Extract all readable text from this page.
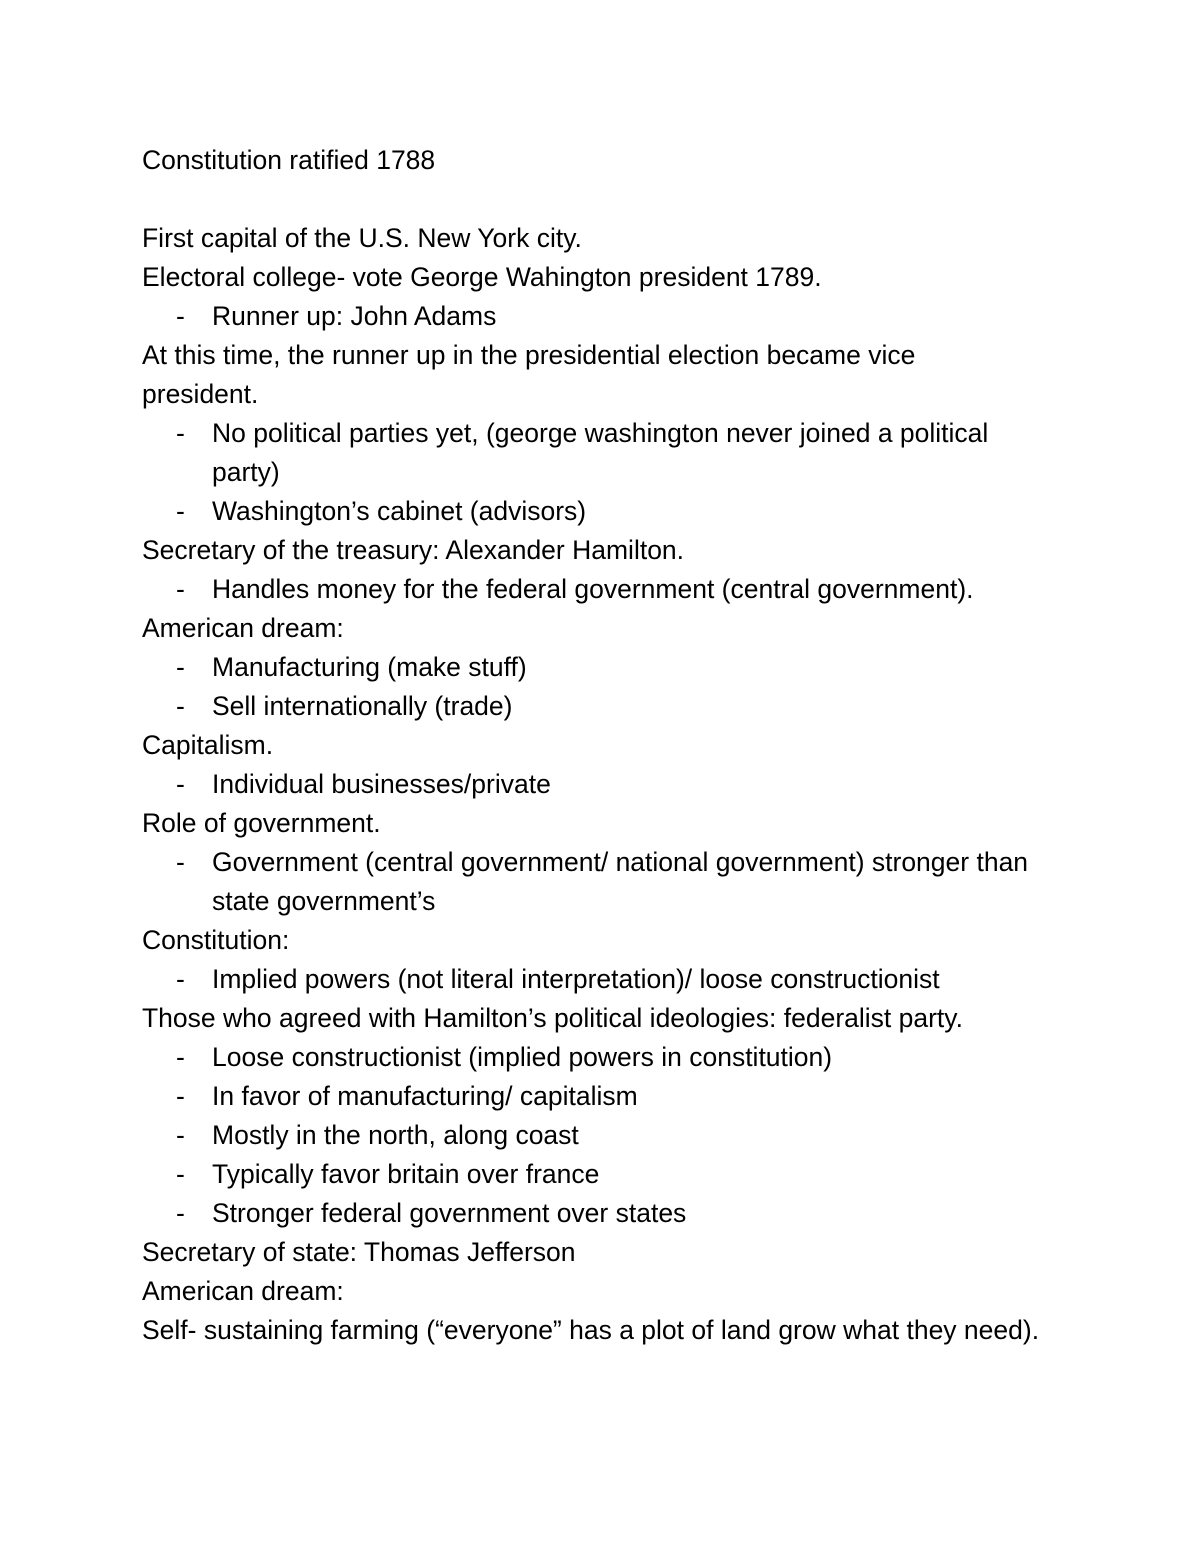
Constitution ratified 1788
First capital of the U.S. New York city.
Electoral college- vote George Wahington president 1789.
-	Runner up: John Adams
At this time, the runner up in the presidential election became vice president.
-	No political parties yet, (george washington never joined a political party)
-	Washington’s cabinet (advisors)
Secretary of the treasury: Alexander Hamilton.
-	Handles money for the federal government (central government).
American dream:
-	Manufacturing (make stuff)
-	Sell internationally (trade)
Capitalism.
-	Individual businesses/private
Role of government.
-	Government (central government/ national government) stronger than state government’s
Constitution:
-	Implied powers (not literal interpretation)/ loose constructionist
Those who agreed with Hamilton’s political ideologies: federalist party.
-	Loose constructionist (implied powers in constitution)
-	In favor of manufacturing/ capitalism
-	Mostly in the north, along coast
-	Typically favor britain over france
-	Stronger federal government over states
Secretary of state: Thomas Jefferson
American dream:
Self- sustaining farming (“everyone” has a plot of land grow what they need).
